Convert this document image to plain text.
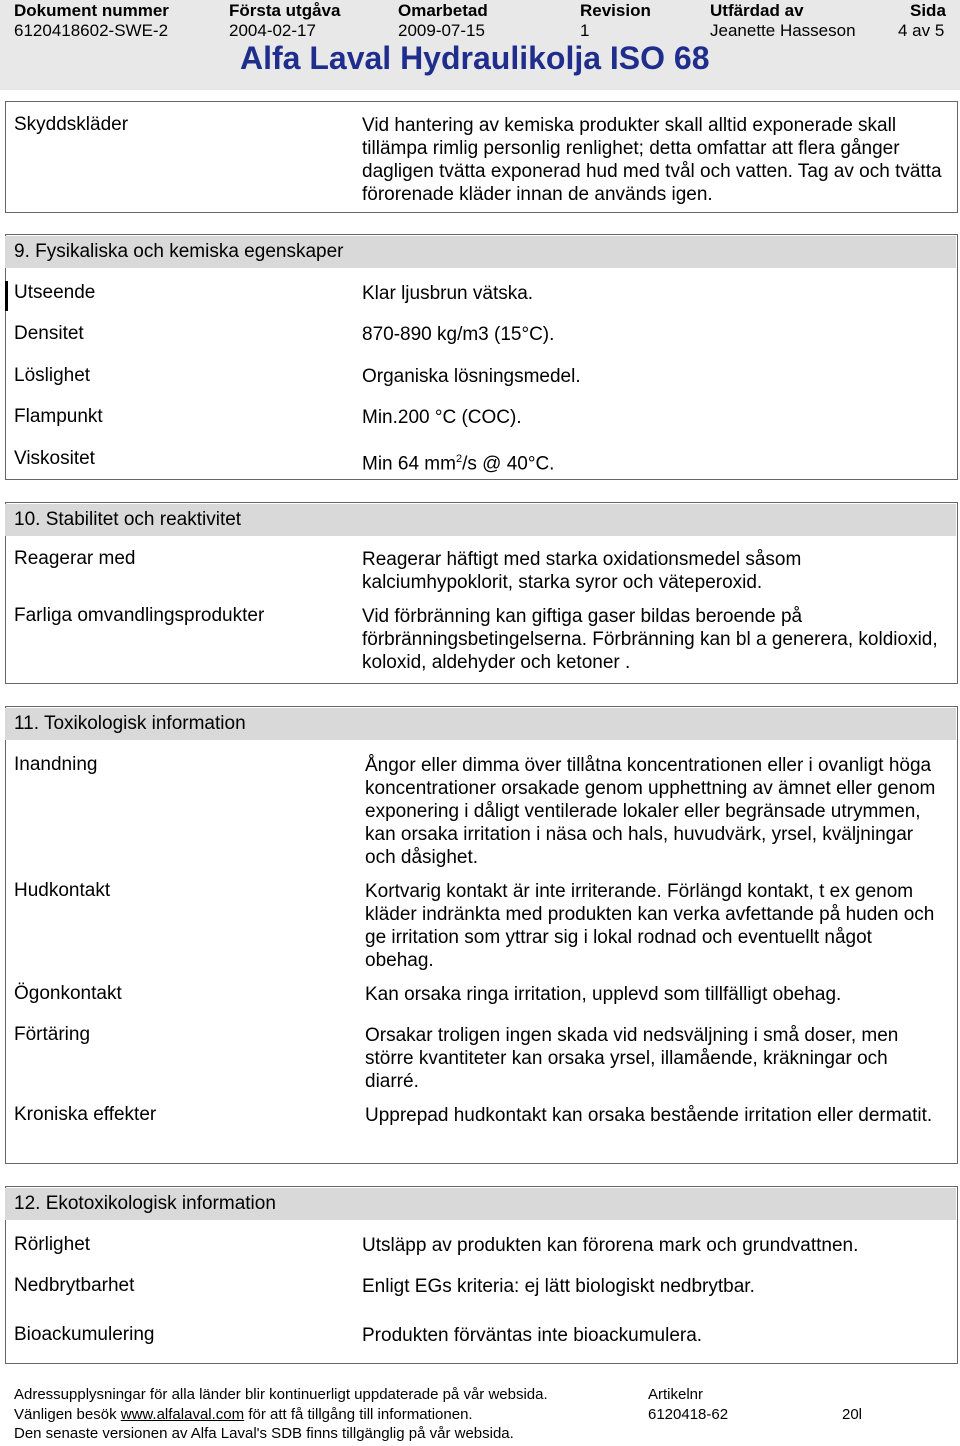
Dokument nummer	Första utgåva	Omarbetad	Revision	Utfärdad av	Sida
6120418602-SWE-2	2004-02-17	2009-07-15	1	Jeanette Hasseson 4 av 5
Alfa Laval Hydraulikolja ISO 68
Skyddskläder	Vid hantering av kemiska produkter skall alltid exponerade skall tillämpa rimlig personlig renlighet; detta omfattar att flera gånger dagligen tvätta exponerad hud med tvål och vatten. Tag av och tvätta förorenade kläder innan de används igen.
9. Fysikaliska och kemiska egenskaper
Utseende	Klar ljusbrun vätska.
Densitet	870-890 kg/m3 (15°C).
Löslighet	Organiska lösningsmedel.
Flampunkt	Min.200 °C (COC).
Viskositet	Min 64 $mm^2/s$ @ 40°C.
10. Stabilitet och reaktivitet
Reagerar med	Reagerar häftigt med starka oxidationsmedel såsom kalciumhypoklorit, starka syror och väteperoxid.
Farliga omvandlingsprodukter	Vid förbränning kan giftiga gaser bildas beroende på förbränningsbetingelserna. Förbränning kan bl a generera, koldioxid, koloxid, aldehyder och ketoner .
11. Toxikologisk information
Inandning	Ångor eller dimma över tillåtna koncentrationen eller i ovanligt höga koncentrationer orsakade genom upphettning av ämnet eller genom exponering i dåligt ventilerade lokaler eller begränsade utrymmen, kan orsaka irritation i näsa och hals, huvudvärk, yrsel, kväljningar och dåsighet.
Hudkontakt	Kortvarig kontakt är inte irriterande. Förlängd kontakt, t ex genom kläder indränkta med produkten kan verka avfettande på huden och ge irritation som yttrar sig i lokal rodnad och eventuellt något obehag.
Ögonkontakt	Kan orsaka ringa irritation, upplevd som tillfälligt obehag.
Förtäring	Orsakar troligen ingen skada vid nedsväljning i små doser, men större kvantiteter kan orsaka yrsel, illamående, kräkningar och diarré.
Kroniska effekter	Upprepad hudkontakt kan orsaka bestående irritation eller dermatit.
12. Ekotoxikologisk information
Rörlighet	Utsläpp av produkten kan förorena mark och grundvattnen.
Nedbrytbarhet	Enligt EGs kriteria: ej lätt biologiskt nedbrytbar.
Bioackumulering	Produkten förväntas inte bioackumulera.
Adressupplysningar för alla länder blir kontinuerligt uppdaterade på vår websida.
Vänligen besök www.alfalaval.com för att få tillgång till informationen.
Den senaste versionen av Alfa Laval's SDB finns tillgänglig på vår websida.
Artikelnr
6120418-62	20l
